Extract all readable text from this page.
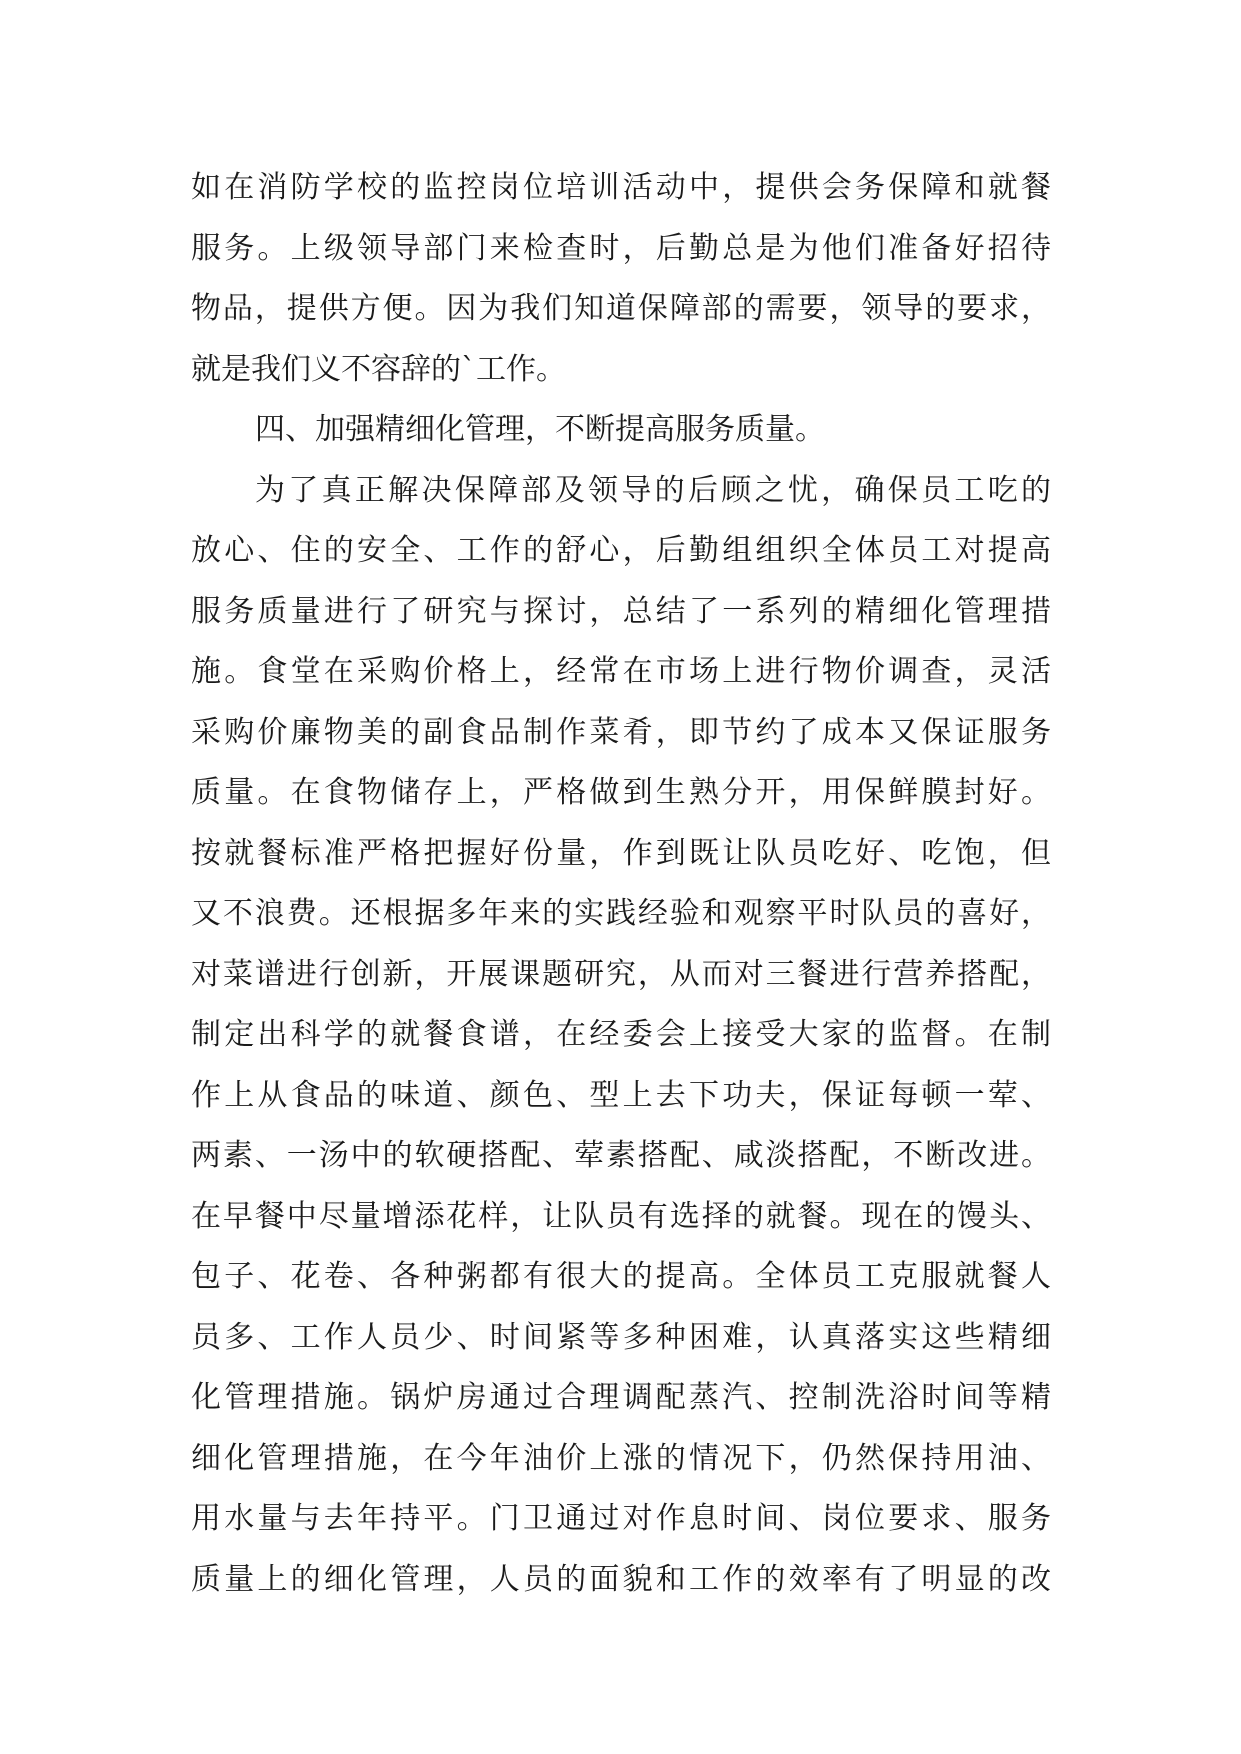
如在消防学校的监控岗位培训活动中，提供会务保障和就餐
服务。上级领导部门来检查时，后勤总是为他们准备好招待
物品，提供方便。因为我们知道保障部的需要，领导的要求，
就是我们义不容辞的`工作。
四、加强精细化管理，不断提高服务质量。
为了真正解决保障部及领导的后顾之忧，确保员工吃的
放心、住的安全、工作的舒心，后勤组组织全体员工对提高
服务质量进行了研究与探讨，总结了一系列的精细化管理措
施。食堂在采购价格上，经常在市场上进行物价调查，灵活
采购价廉物美的副食品制作菜肴，即节约了成本又保证服务
质量。在食物储存上，严格做到生熟分开，用保鲜膜封好。
按就餐标准严格把握好份量，作到既让队员吃好、吃饱，但
又不浪费。还根据多年来的实践经验和观察平时队员的喜好，
对菜谱进行创新，开展课题研究，从而对三餐进行营养搭配，
制定出科学的就餐食谱，在经委会上接受大家的监督。在制
作上从食品的味道、颜色、型上去下功夫，保证每顿一荤、
两素、一汤中的软硬搭配、荤素搭配、咸淡搭配，不断改进。
在早餐中尽量增添花样，让队员有选择的就餐。现在的馒头、
包子、花卷、各种粥都有很大的提高。全体员工克服就餐人
员多、工作人员少、时间紧等多种困难，认真落实这些精细
化管理措施。锅炉房通过合理调配蒸汽、控制洗浴时间等精
细化管理措施，在今年油价上涨的情况下，仍然保持用油、
用水量与去年持平。门卫通过对作息时间、岗位要求、服务
质量上的细化管理，人员的面貌和工作的效率有了明显的改
